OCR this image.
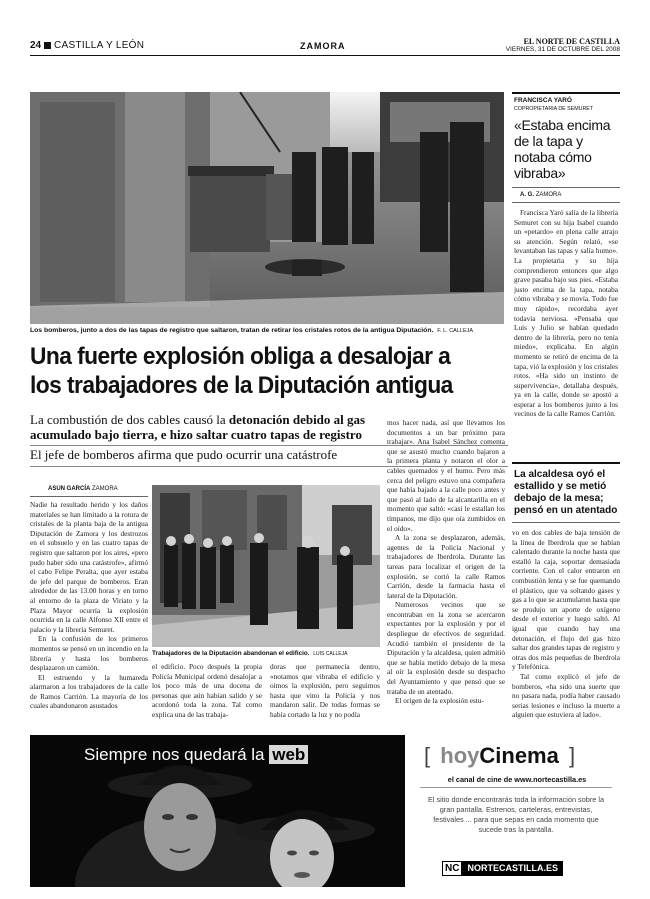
24 CASTILLA Y LEÓN	ZAMORA	EL NORTE DE CASTILLA
VIERNES, 31 DE OCTUBRE DEL 2008
Los bomberos, junto a dos de las tapas de registro que saltaron, tratan de retirar los cristales rotos de la antigua Diputación. F. L. CALLEJA
Una fuerte explosión obliga a desalojar a
los trabajadores de la Diputación antigua
La combustión de dos cables causó la detonación debido al gas
acumulado bajo tierra, e hizo saltar cuatro tapas de registro
El jefe de bomberos afirma que pudo ocurrir una catástrofe
ASUN GARCÍA ZAMORA

Nadie ha resultado herido y los daños materiales se han limitado a la rotura de cristales de la planta baja de la antigua Diputación de Zamora y los destrozos en el subsuelo y en las cuatro tapas de registro que saltaron por los aires, «pero pudo haber sido una catástrofe», afirmó el cabo Felipe Peralta, que ayer estaba de jefe del parque de bomberos. Eran alrededor de las 13.00 horas y en torno al entorno de la plaza de Viriato y la Plaza Mayor ocurría la explosión ocurrida en la calle Alfonso XII entre el palacio y la librería Semuret.

En la confusión de los primeros momentos se pensó en un incendio en la librería y hasta los bomberos desplazaron un camión.

El estruendo y la humareda alarmaron a los trabajadores de la calle de Ramos Carrión. La mayoría de los cuales abandonaron asustados

Trabajadores de la Diputación abandonan el edificio. LUIS CALLEJA

el edificio. Poco después la propia Policía Municipal ordenó desalojar a los poco más de una docena de personas que aún habían salido y se acordonó toda la zona. Tal como explica una de las trabaja-

doras que permanecía dentro, «notamos que vibraba el edificio y oímos la explosión, pero seguimos hasta que vino la Policía y nos mandaron salir. De todas formas se había cortado la luz y no podía

mos hacer nada, así que llevamos los documentos a un bar próximo para trabajar». Ana Isabel Sánchez comenta que se asustó mucho cuando bajaron a la primera planta y notaron el olor a cables quemados y el humo. Pero más cerca del peligro estuvo una compañera que había bajado a la calle poco antes y que pasó al lado de la alcantarilla en el momento que saltó: «casi le estallan los tímpanos, me dijo que oía zumbidos en el oído».

A la zona se desplazaron, además, agentes de la Policía Nacional y trabajadores de Iberdrola. Durante las tareas para localizar el origen de la explosión, se cortó la calle Ramos Carrión, desde la farmacia hasta el lateral de la Diputación.

Numerosos vecinos que se encontraban en la zona se acercaron expectantes por la explosión y por el despliegue de efectivos de seguridad. Acudió también el presidente de la Diputación y la alcaldesa, quien admitió que se había metido debajo de la mesa al oír la explosión desde su despacho del Ayuntamiento y que pensó que se trataba de un atentado.

El origen de la explosión estu-

vo en dos cables de baja tensión de la línea de Iberdrola que se habían calentado durante la noche hasta que estalló la caja, soportar demasiada corriente. Con el calor entraron en combustión lenta y se fue quemando el plástico, que va soltando gases y gas a lo que se acumularon hasta que se produjo un aporte de oxígeno desde el exterior y luego saltó. Al igual que cuando hay una detonación, el flujo del gas hizo saltar dos grandes tapas de registro y otras dos más pequeñas de Iberdrola y Telefónica.

Tal como explicó el jefe de bomberos, «ha sido una suerte que no pasara nada, podía haber causado serias lesiones e incluso la muerte a alguien que estuviera al lado».

FRANCISCA YARÓ
COPROPIETARIA DE SEMURET
«Estaba encima de la tapa y notaba cómo vibraba»
A. G. ZAMORA
Francisca Yaró salía de la librería Semuret con su hija Isabel cuando un «petardo» en plena calle atrajo su atención. Según relató, «se levantaban las tapas y salía humo». La propietaria y su hija comprendieron entonces que algo grave pasaba bajo sus pies. «Estaba justo encima de la tapa, notaba cómo vibraba y se movía. Todo fue muy rápido», recordaba ayer todavía nerviosa. «Pensaba que Luis y Julio se habían quedado dentro de la librería, pero no tenía miedo», explicaba. En algún momento se retiró de encima de la tapa, vió la explosión y los cristales rotos. «Ha sido un instinto de supervivencia», detallaba después, ya en la calle, donde se apostó a esperar a los bomberos junto a los vecinos de la calle Ramos Carrión.
La alcaldesa oyó el estallido y se metió debajo de la mesa; pensó en un atentado
Siempre nos quedará la web	[ hoyCinema ]
el canal de cine de www.nortecastilla.es
El sitio donde encontrarás toda la información sobre la gran pantalla. Estrenos, carteleras, entrevistas, festivales ... para que sepas en cada momento que sucede tras la pantalla.
NC NORTECASTILLA.ES
